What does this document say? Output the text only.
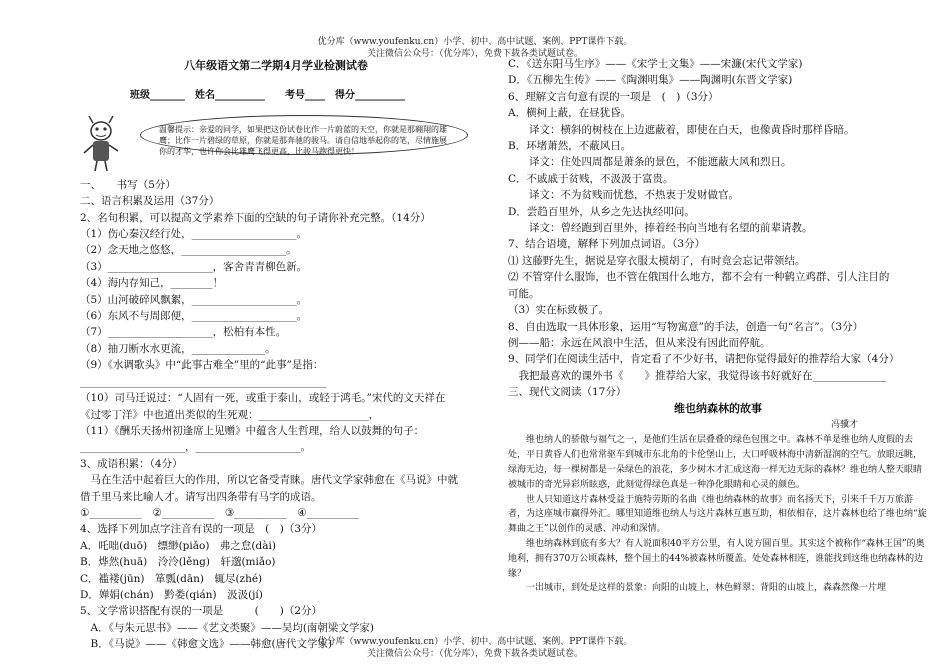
优分库（www.youfenku.cn）小学、初中、高中试题、案例、PPT课件下载。
关注微信公众号：（优分库），免费下载各类试题试卷。
八年级语文第二学期4月学业检测试卷
班级_______　姓名__________　　考号____　得分__________
温馨提示：亲爱的同学，如果把这份试卷比作一片蔚蓝的天空，你就是那翱翔的雄鹰；比作一片碧绿的草原，你就是那奔驰的骏马。请自信地举起你的笔，尽情施展你的才华，也许你会比雄鹰飞得更高，比骏马跑得更快！
一、　　书写（5分）
二、语言积累及运用（37分）
2、名句积累，可以提高文学素养下面的空缺的句子请你补充完整。（14分）
（1）伤心秦汉经行处，____________________。
（2）念天地之悠悠，____________________。
（3）____________________，客舍青青柳色新。
（4）海内存知己，________！
（5）山河破碎风飘絮，____________________。
（6）东风不与周郎便，____________________。
（7）____________________，松柏有本性。
（8）抽刀断水水更流，______________。
（9）《水调歌头》中“此事古难全”里的“此事”是指：
_______________________________________________
（10）司马迁说过：“人固有一死，或重于泰山，或轻于鸿毛。”宋代的文天祥在
《过零丁洋》中也道出类似的生死观：_____________________，
（11）《酬乐天扬州初逢席上见赠》中蕴含人生哲理，给人以鼓舞的句子：
____________________，____________________。
3、成语积累：（4分）
　马在生活中起着巨大的作用，所以它备受青睐。唐代文学家韩愈在《马说》中就
借千里马来比喻人才。请写出四条带有马字的成语。
①__________　②__________　③__________　④__________
4、选择下列加点字注音有误的一项是　(　)（3分）
A．吒咄(duō)　缥缈(piǎo)　弗之怠(dài)
B．烨然(huā)　泠泠(lěng)　轩邈(miǎo)
C．褴褛(jūn)　箪瓢(dān)　辄尽(zhé)
D．婵娟(chán)　黔娄(qián)　汲汲(jí)
5、文学常识搭配有误的一项是　　　(　　)（2分）
　A．《与朱元思书》——《艺文类聚》——吴均(南朝梁文学家)
　B．《马说》——《韩愈文选》——韩愈(唐代文学家)
C．《送东阳马生序》——《宋学士文集》——宋濂(宋代文学家)
D．《五柳先生传》——《陶渊明集》——陶渊明(东晋文学家)
6、理解文言句意有误的一项是　(　)（3分）
A．横柯上蔽，在昼犹昏。
　　译文：横斜的树枝在上边遮蔽着，即使在白天，也像黄昏时那样昏暗。
B．环堵萧然，不蔽风日。
　　译文：住处四周都是萧条的景色，不能遮蔽大风和烈日。
C．不戚戚于贫贱，不汲汲于富贵。
　　译文：不为贫贱而忧愁，不热衷于发财做官。
D．尝趋百里外，从乡之先达执经叩问。
　　译文：曾经跑到百里外，捧着经书向当地有名望的前辈请教。
7、结合语境，解释下列加点词语。（3分）
⑴ 这藤野先生，据说是穿衣服太模胡了，有时竟会忘记带领结。
⑵ 不管穿什么服饰，也不管在俄国什么地方，都不会有一种鹤立鸡群、引人注目的
可能。
（3）实在标致极了。
8、自由选取一具体形象，运用“写物寓意”的手法，创造一句“名言”。（3分）
例——船：永远在风浪中生活，但从来没有因此而停航。
9、同学们在阅读生活中，肯定看了不少好书，请把你觉得最好的推荐给大家（4分）
　我把最喜欢的课外书《　　》推荐给大家，我觉得该书好就好在______________
三、现代文阅读（17分）
维也纳森林的故事
冯骥才
维也纳人的骄傲与福气之一，是他们生活在层叠叠的绿色包围之中。森林不单是维也纳人度假的去处，平日黄昏人们也常常驱车到城市东北角的卡伦堡山上，大口呼吸林海中清新湿润的空气。放眼远眺，绿海无边，每一棵树都是一朵绿色的浪花，多少树木才汇成这海一样无边无际的森林？维也纳人整天眼睛被城市的奇光异彩所眩惑，此刻觉得绿色真是一种净化眼睛和心灵的颜色。
世人只知道这片森林受益于施特劳斯的名曲《维也纳森林的故事》而名扬天下，引来千千万万旅游者，为这座城市赢得外汇。哪里知道维也纳人与这片森林互惠互助，相依相存，这片森林也给了维也纳“旋舞曲之王”以创作的灵感、冲动和深情。
维也纳森林到底有多大？有人说面积40平方公里，有人说方圆百里。其实这个被称作“森林王国”的奥地利，拥有370万公顷森林，整个国土的44%被森林所覆盖。处处森林相连，谁能找到这维也纳森林的边缘？
一出城市，到处是这样的景象：向阳的山坡上，林色鲜翠；背阳的山坡上，森森然像一片埋
优分库（www.youfenku.cn）小学、初中、高中试题、案例、PPT课件下载。
关注微信公众号：（优分库），免费下载各类试题试卷。
